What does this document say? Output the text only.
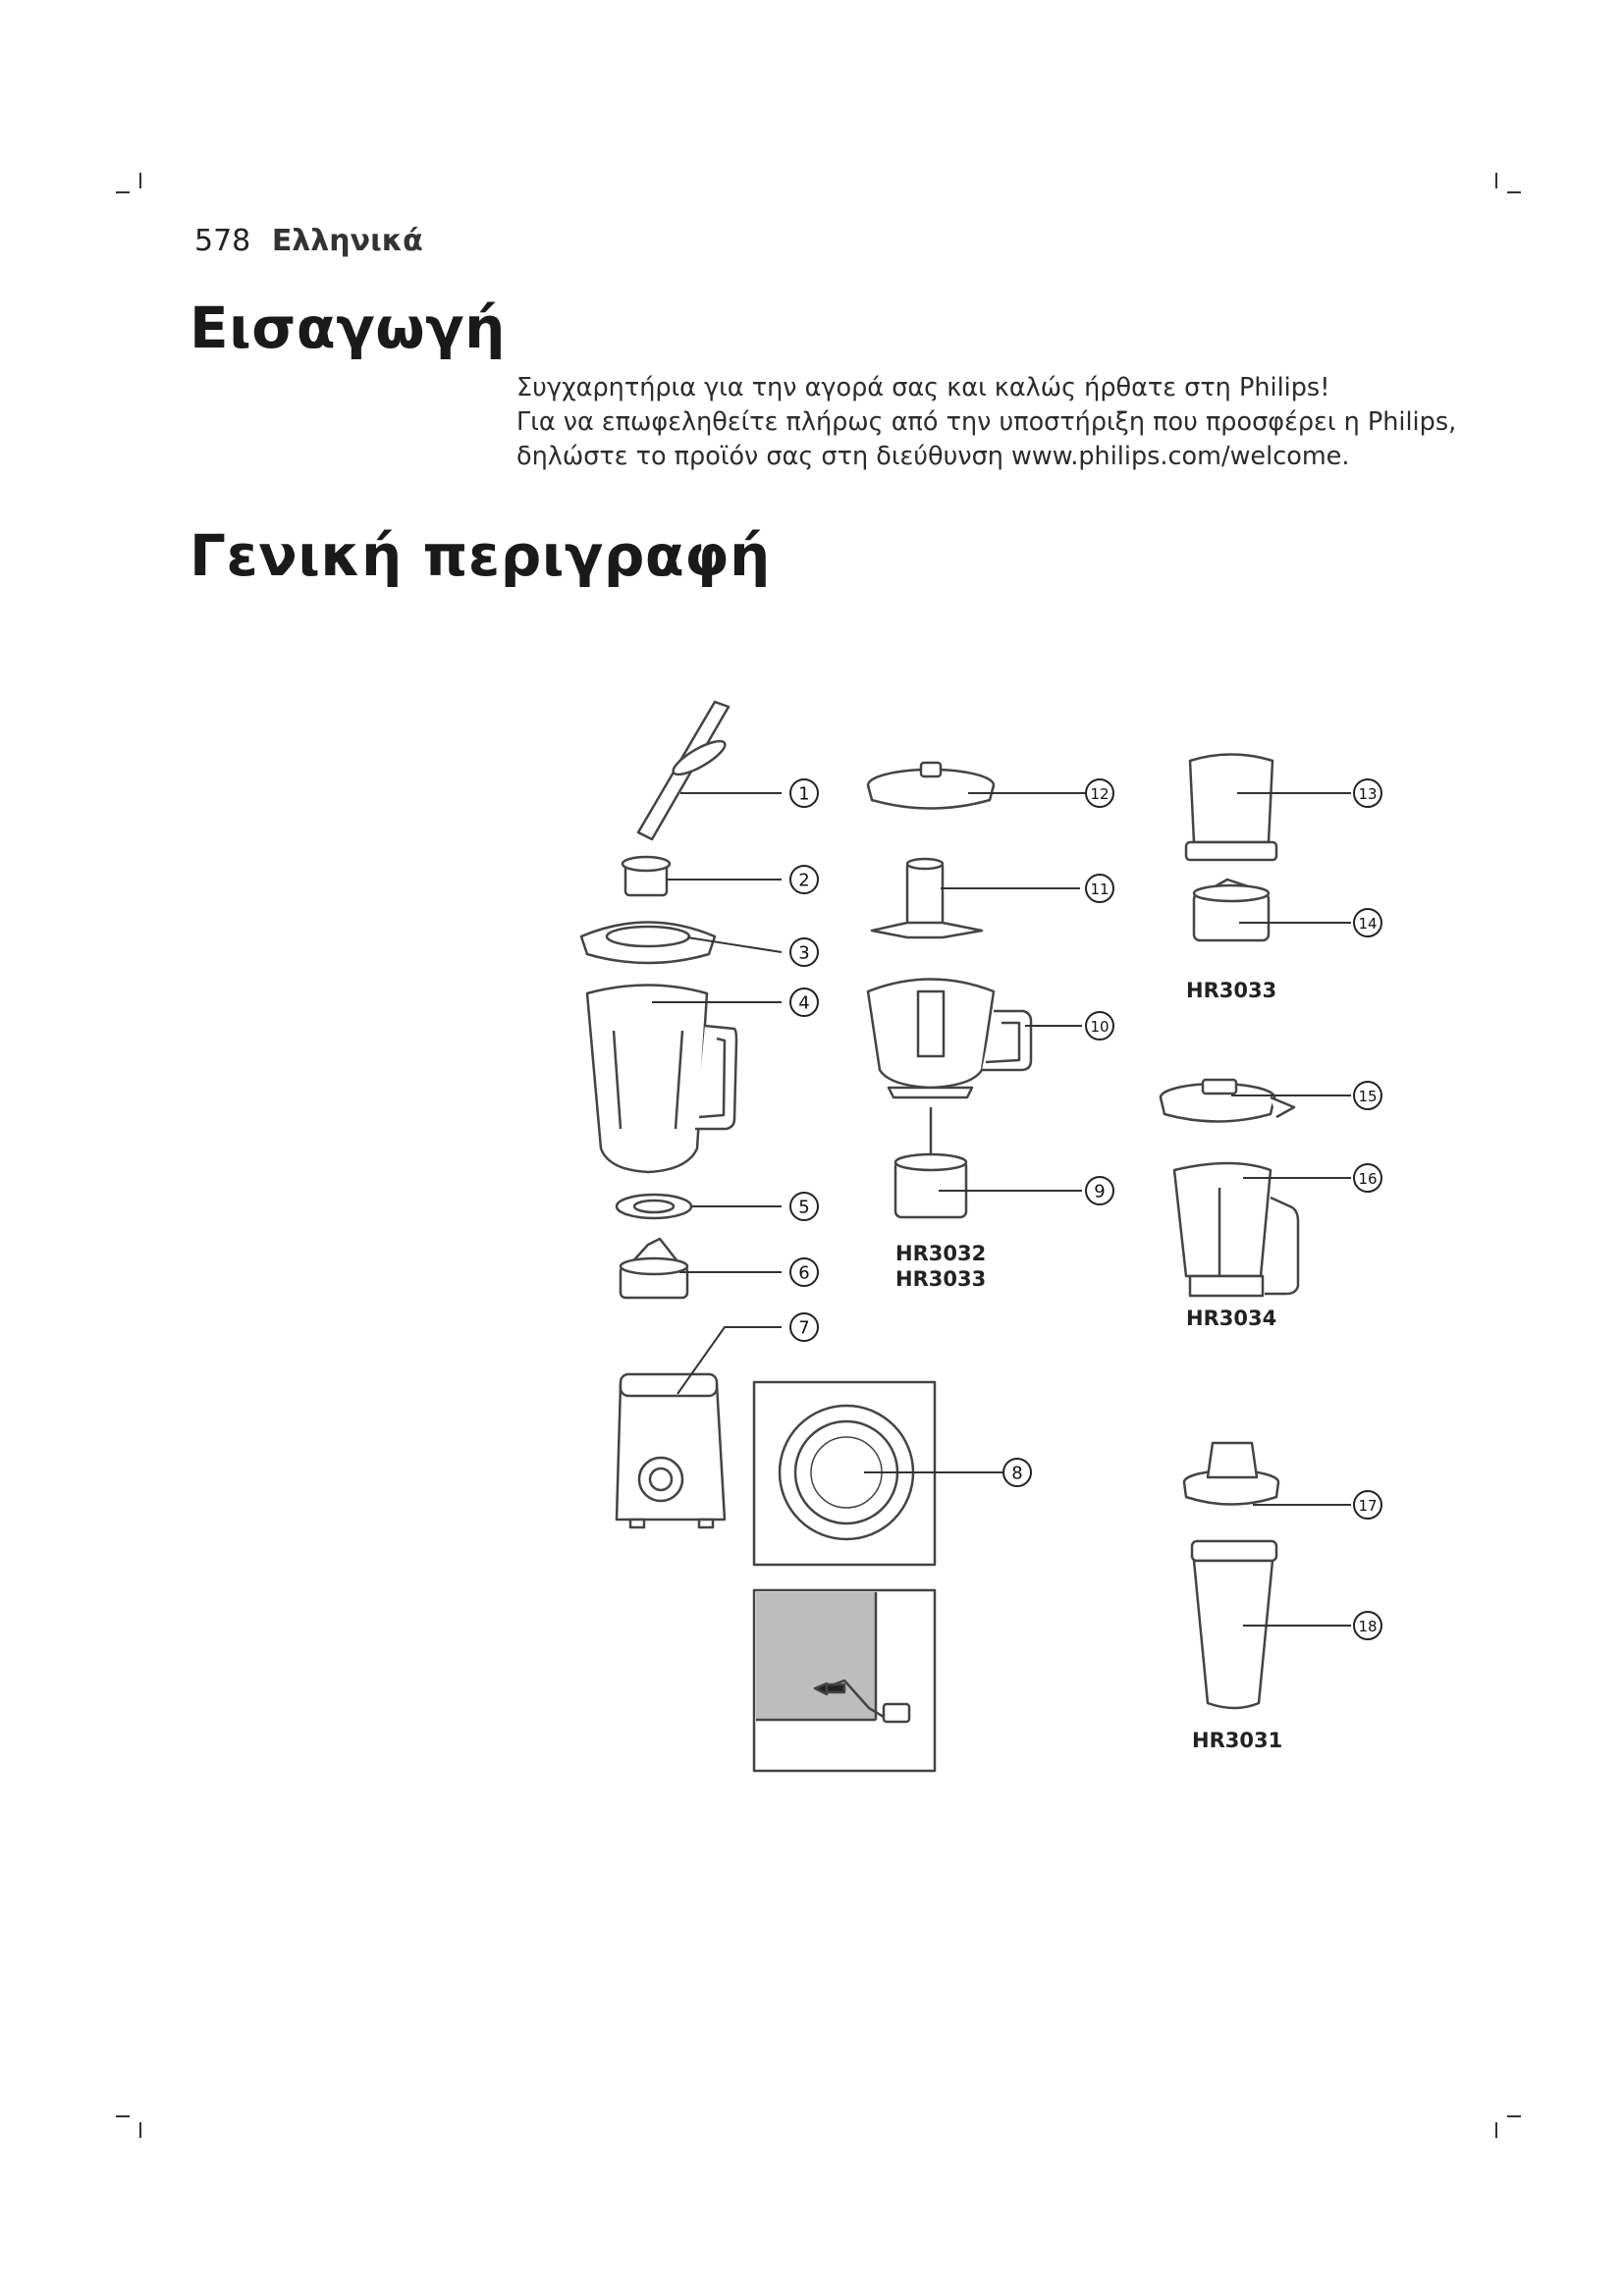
578 Ελληνικά
Εισαγωγή

Συγχαρητήρια για την αγορά σας και καλώς ήρθατε στη Philips!

Για να επωφεληθείτε πλήρως από την υποστήριξη που προσφέρει η Philips,

δηλώστε το προϊόν σας στη διεύθυνση www.philips.com/welcome.

Γενική περιγραφή
1
2
3
4
5
6
7
8
9
10
11
12	13
14
15
16
17
18
HR3032
HR3033
HR3033
HR3034
HR3031
